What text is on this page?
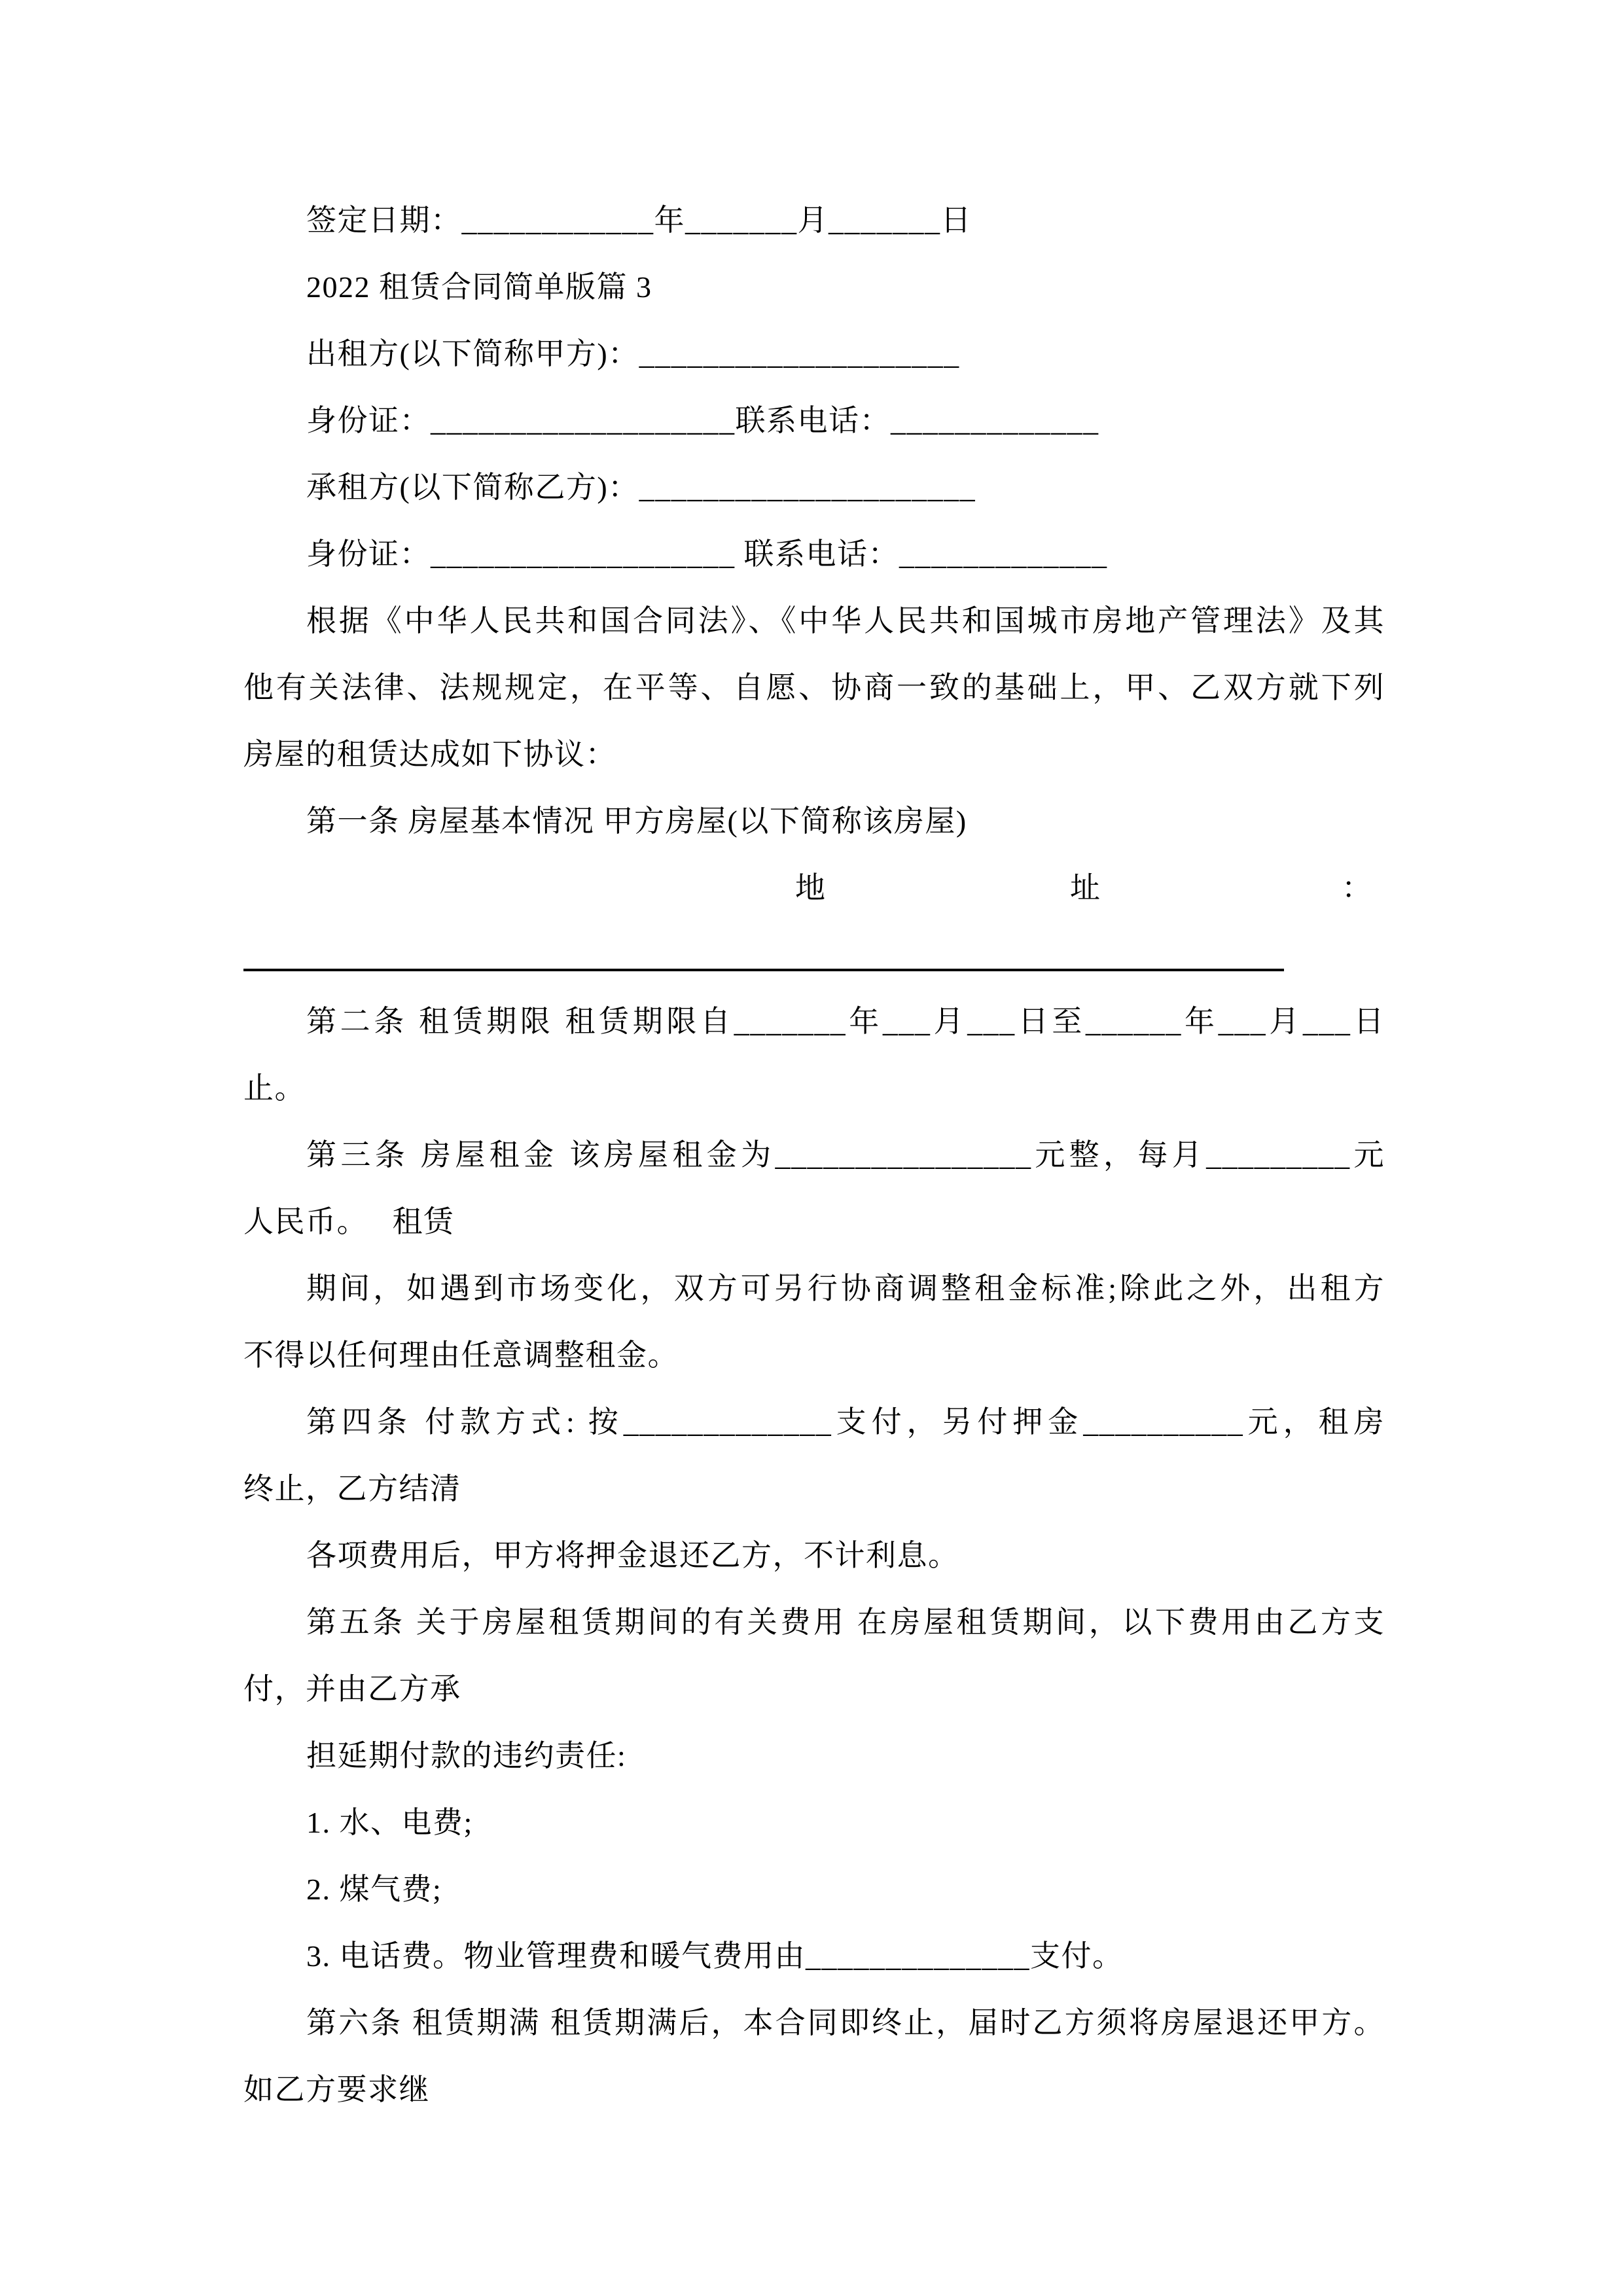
签定日期：____________年_______月_______日
2022 租赁合同简单版篇 3
出租方(以下简称甲方)：____________________
身份证：___________________联系电话：_____________
承租方(以下简称乙方)：_____________________
身份证：___________________ 联系电话：_____________
根据《中华人民共和国合同法》、《中华人民共和国城市房地产管理法》及其
他有关法律、法规规定，在平等、自愿、协商一致的基础上，甲、乙双方就下列
房屋的租赁达成如下协议：
第一条 房屋基本情况 甲方房屋(以下简称该房屋)
地	址	：
第二条 租赁期限 租赁期限自_______年___月___日至______年___月___日
止。
第三条 房屋租金 该房屋租金为________________元整，每月_________元
人民币。　 租赁
期间，如遇到市场变化，双方可另行协商调整租金标准;除此之外，出租方
不得以任何理由任意调整租金。
第四条 付款方式: 按_____________支付，另付押金__________元，租房
终止，乙方结清
各项费用后，甲方将押金退还乙方，不计利息。
第五条 关于房屋租赁期间的有关费用 在房屋租赁期间，以下费用由乙方支
付，并由乙方承
担延期付款的违约责任:
1. 水、电费;
2. 煤气费;
3. 电话费。物业管理费和暖气费用由______________支付。
第六条 租赁期满 租赁期满后，本合同即终止，届时乙方须将房屋退还甲方。
如乙方要求继
